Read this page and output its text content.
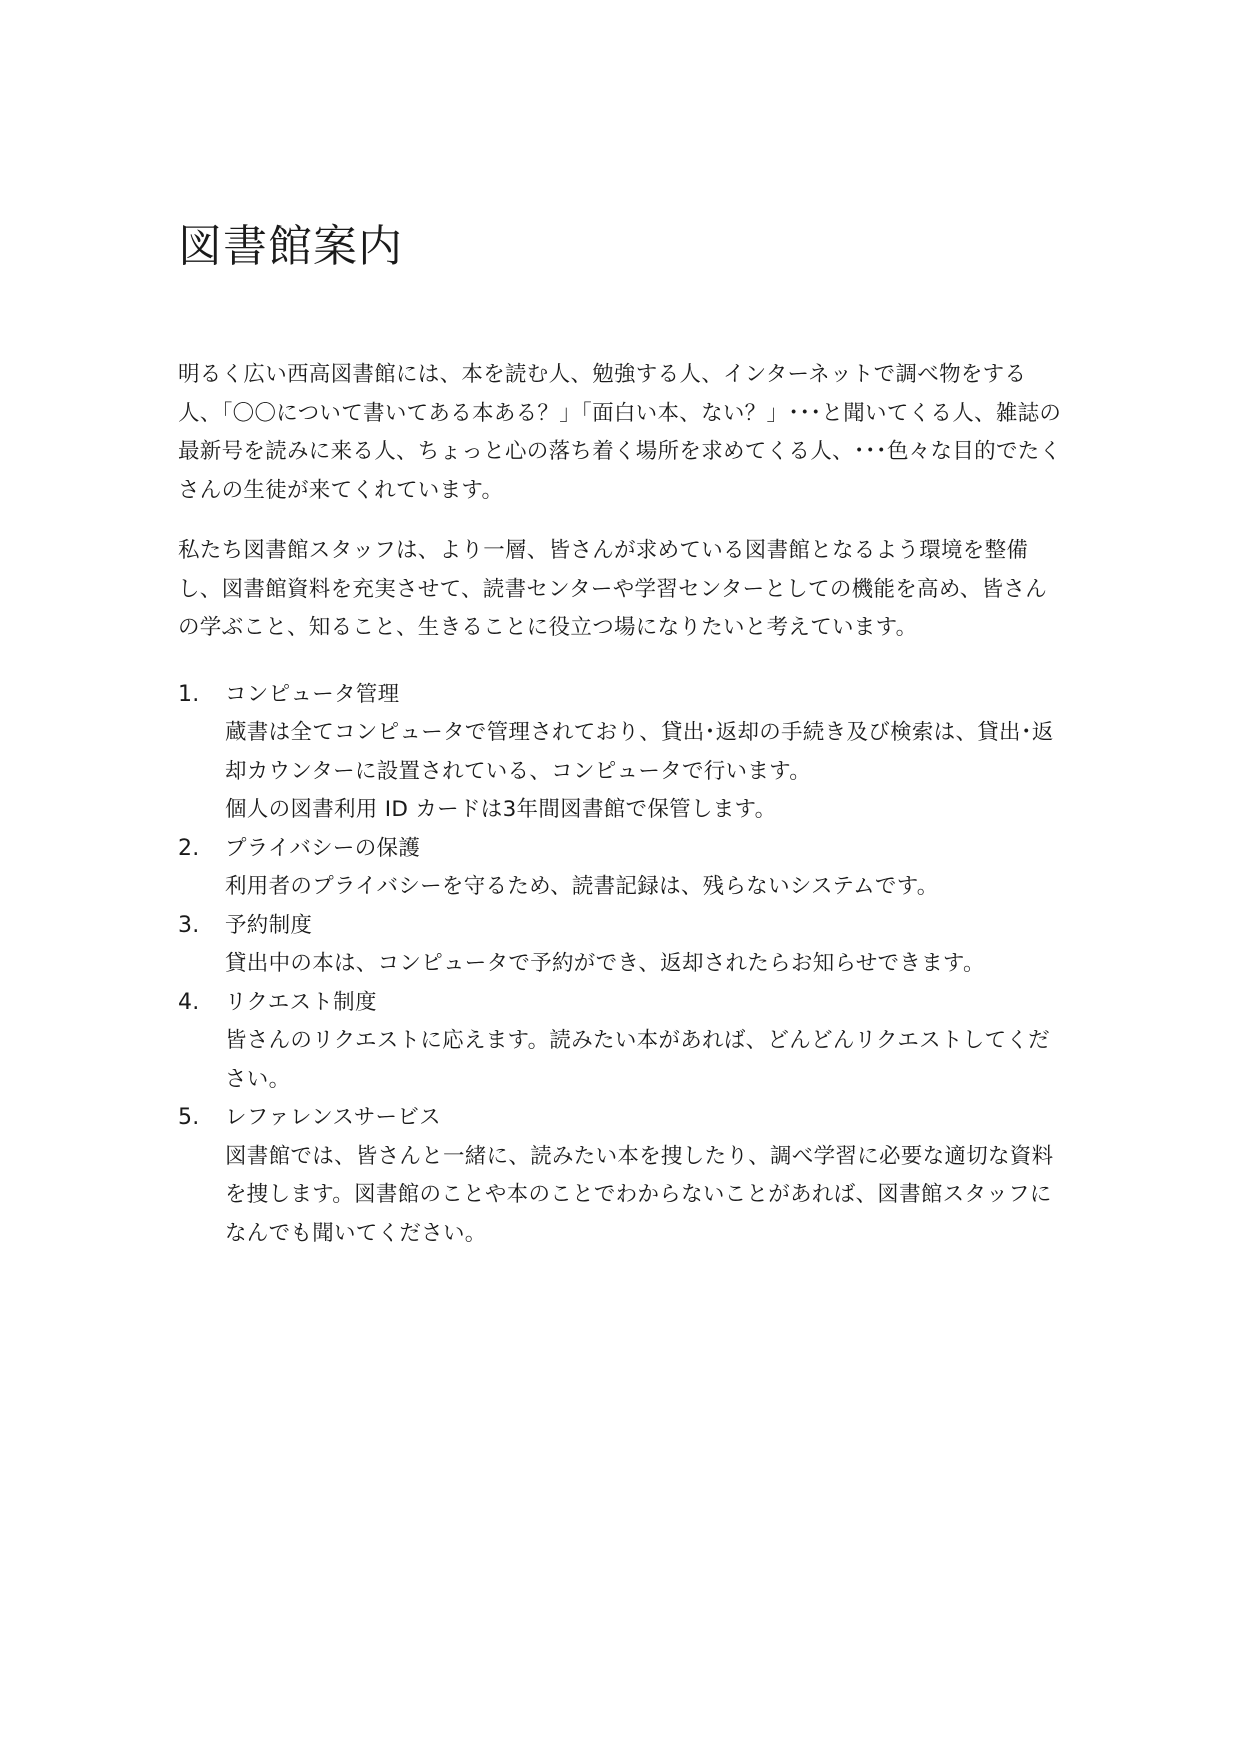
図書館案内

明るく広い西高図書館には、本を読む人、勉強する人、インターネットで調べ物をする人、「〇〇について書いてある本ある？」「面白い本、ない？」･･･と聞いてくる人、雑誌の最新号を読みに来る人、ちょっと心の落ち着く場所を求めてくる人、･･･色々な目的でたくさんの生徒が来てくれています。

私たち図書館スタッフは、より一層、皆さんが求めている図書館となるよう環境を整備し、図書館資料を充実させて、読書センターや学習センターとしての機能を高め、皆さんの学ぶこと、知ること、生きることに役立つ場になりたいと考えています。

1. コンピュータ管理
蔵書は全てコンピュータで管理されており、貸出･返却の手続き及び検索は、貸出･返却カウンターに設置されている、コンピュータで行います。
個人の図書利用 ID カードは3年間図書館で保管します。
2. プライバシーの保護
利用者のプライバシーを守るため、読書記録は、残らないシステムです。
3. 予約制度
貸出中の本は、コンピュータで予約ができ、返却されたらお知らせできます。
4. リクエスト制度
皆さんのリクエストに応えます。読みたい本があれば、どんどんリクエストしてください。
5. レファレンスサービス
図書館では、皆さんと一緒に、読みたい本を捜したり、調べ学習に必要な適切な資料を捜します。図書館のことや本のことでわからないことがあれば、図書館スタッフになんでも聞いてください。
